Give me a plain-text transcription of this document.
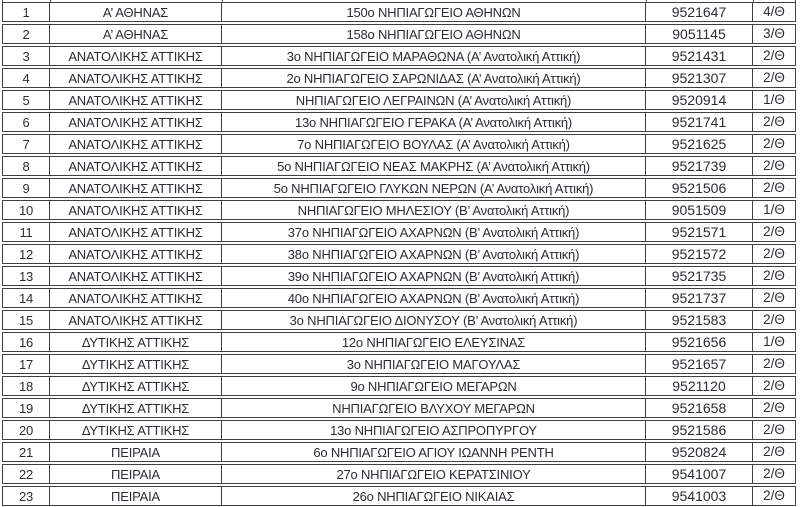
1	Α’ ΑΘΗΝΑΣ	150ο ΝΗΠΙΑΓΩΓΕΙΟ ΑΘΗΝΩΝ	9521647	4/Θ
2	Α’ ΑΘΗΝΑΣ	158ο ΝΗΠΙΑΓΩΓΕΙΟ ΑΘΗΝΩΝ	9051145	3/Θ
3	ΑΝΑΤΟΛΙΚΗΣ ΑΤΤΙΚΗΣ	3ο ΝΗΠΙΑΓΩΓΕΙΟ ΜΑΡΑΘΩΝΑ (Α’ Ανατολική Αττική)	9521431	2/Θ
4	ΑΝΑΤΟΛΙΚΗΣ ΑΤΤΙΚΗΣ	2ο ΝΗΠΙΑΓΩΓΕΙΟ ΣΑΡΩΝΙΔΑΣ (Α’ Ανατολική Αττική)	9521307	2/Θ
5	ΑΝΑΤΟΛΙΚΗΣ ΑΤΤΙΚΗΣ	ΝΗΠΙΑΓΩΓΕΙΟ ΛΕΓΡΑΙΝΩΝ (Α’ Ανατολική Αττική)	9520914	1/Θ
6	ΑΝΑΤΟΛΙΚΗΣ ΑΤΤΙΚΗΣ	13ο ΝΗΠΙΑΓΩΓΕΙΟ ΓΕΡΑΚΑ (Α’ Ανατολική Αττική)	9521741	2/Θ
7	ΑΝΑΤΟΛΙΚΗΣ ΑΤΤΙΚΗΣ	7ο ΝΗΠΙΑΓΩΓΕΙΟ ΒΟΥΛΑΣ (Α’ Ανατολική Αττική)	9521625	2/Θ
8	ΑΝΑΤΟΛΙΚΗΣ ΑΤΤΙΚΗΣ	5ο ΝΗΠΙΑΓΩΓΕΙΟ ΝΕΑΣ ΜΑΚΡΗΣ (Α’ Ανατολική Αττική)	9521739	2/Θ
9	ΑΝΑΤΟΛΙΚΗΣ ΑΤΤΙΚΗΣ	5ο ΝΗΠΙΑΓΩΓΕΙΟ ΓΛΥΚΩΝ ΝΕΡΩΝ (Α’ Ανατολική Αττική)	9521506	2/Θ
10	ΑΝΑΤΟΛΙΚΗΣ ΑΤΤΙΚΗΣ	ΝΗΠΙΑΓΩΓΕΙΟ ΜΗΛΕΣΙΟΥ (Β’ Ανατολική Αττική)	9051509	1/Θ
11	ΑΝΑΤΟΛΙΚΗΣ ΑΤΤΙΚΗΣ	37ο ΝΗΠΙΑΓΩΓΕΙΟ ΑΧΑΡΝΩΝ (Β’ Ανατολική Αττική)	9521571	2/Θ
12	ΑΝΑΤΟΛΙΚΗΣ ΑΤΤΙΚΗΣ	38ο ΝΗΠΙΑΓΩΓΕΙΟ ΑΧΑΡΝΩΝ (Β’ Ανατολική Αττική)	9521572	2/Θ
13	ΑΝΑΤΟΛΙΚΗΣ ΑΤΤΙΚΗΣ	39ο ΝΗΠΙΑΓΩΓΕΙΟ ΑΧΑΡΝΩΝ (Β’ Ανατολική Αττική)	9521735	2/Θ
14	ΑΝΑΤΟΛΙΚΗΣ ΑΤΤΙΚΗΣ	40ο ΝΗΠΙΑΓΩΓΕΙΟ ΑΧΑΡΝΩΝ (Β’ Ανατολική Αττική)	9521737	2/Θ
15	ΑΝΑΤΟΛΙΚΗΣ ΑΤΤΙΚΗΣ	3ο ΝΗΠΙΑΓΩΓΕΙΟ ΔΙΟΝΥΣΟΥ (Β’ Ανατολική Αττική)	9521583	2/Θ
16	ΔΥΤΙΚΗΣ ΑΤΤΙΚΗΣ	12ο ΝΗΠΙΑΓΩΓΕΙΟ ΕΛΕΥΣΙΝΑΣ	9521656	1/Θ
17	ΔΥΤΙΚΗΣ ΑΤΤΙΚΗΣ	3ο ΝΗΠΙΑΓΩΓΕΙΟ ΜΑΓΟΥΛΑΣ	9521657	2/Θ
18	ΔΥΤΙΚΗΣ ΑΤΤΙΚΗΣ	9ο ΝΗΠΙΑΓΩΓΕΙΟ ΜΕΓΑΡΩΝ	9521120	2/Θ
19	ΔΥΤΙΚΗΣ ΑΤΤΙΚΗΣ	ΝΗΠΙΑΓΩΓΕΙΟ ΒΛΥΧΟΥ ΜΕΓΑΡΩΝ	9521658	2/Θ
20	ΔΥΤΙΚΗΣ ΑΤΤΙΚΗΣ	13ο ΝΗΠΙΑΓΩΓΕΙΟ ΑΣΠΡΟΠΥΡΓΟΥ	9521586	2/Θ
21	ΠΕΙΡΑΙΑ	6ο ΝΗΠΙΑΓΩΓΕΙΟ ΑΓΙΟΥ ΙΩΑΝΝΗ ΡΕΝΤΗ	9520824	2/Θ
22	ΠΕΙΡΑΙΑ	27ο ΝΗΠΙΑΓΩΓΕΙΟ ΚΕΡΑΤΣΙΝΙΟΥ	9541007	2/Θ
23	ΠΕΙΡΑΙΑ	26ο ΝΗΠΙΑΓΩΓΕΙΟ ΝΙΚΑΙΑΣ	9541003	2/Θ
